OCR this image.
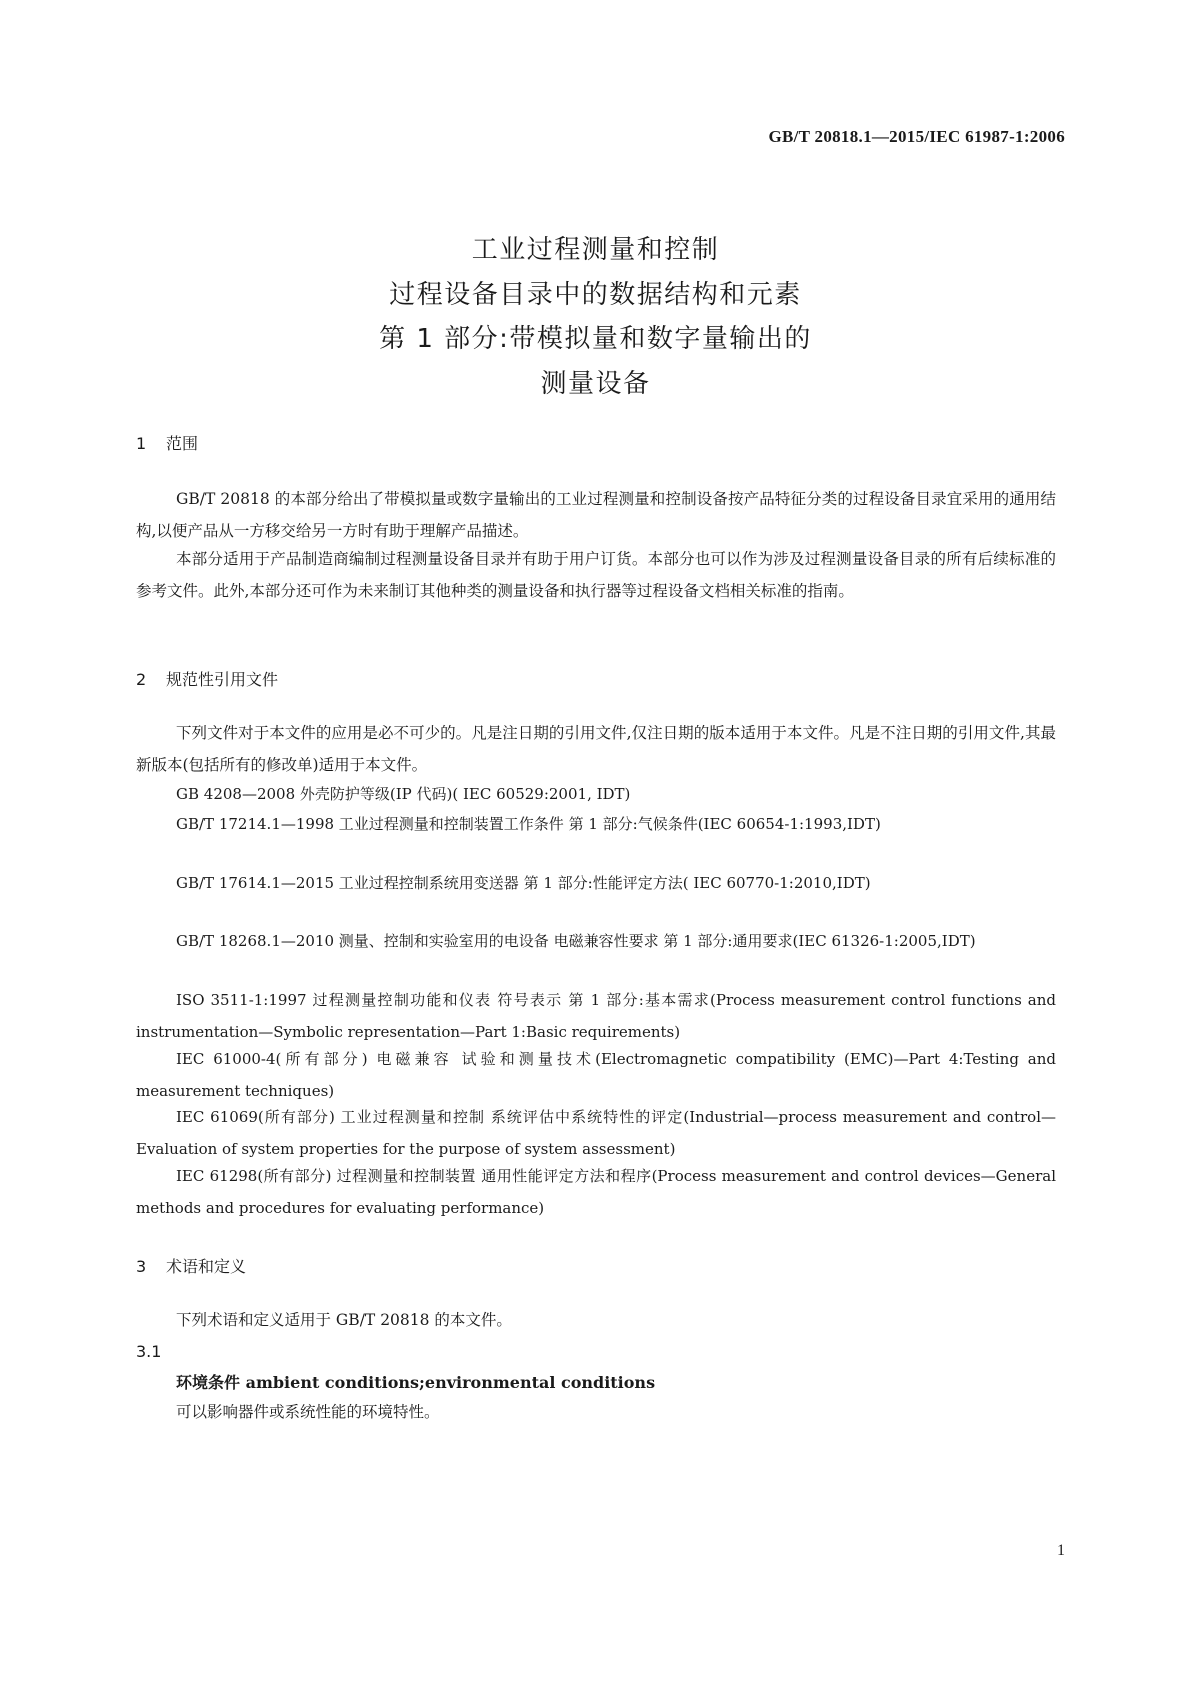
GB/T 20818.1—2015/IEC 61987-1:2006
工业过程测量和控制
过程设备目录中的数据结构和元素
第 1 部分:带模拟量和数字量输出的
测量设备
1 范围

GB/T 20818 的本部分给出了带模拟量或数字量输出的工业过程测量和控制设备按产品特征分类的过程设备目录宜采用的通用结构,以便产品从一方移交给另一方时有助于理解产品描述。

本部分适用于产品制造商编制过程测量设备目录并有助于用户订货。本部分也可以作为涉及过程测量设备目录的所有后续标准的参考文件。此外,本部分还可作为未来制订其他种类的测量设备和执行器等过程设备文档相关标准的指南。

2 规范性引用文件

下列文件对于本文件的应用是必不可少的。凡是注日期的引用文件,仅注日期的版本适用于本文件。凡是不注日期的引用文件,其最新版本(包括所有的修改单)适用于本文件。

GB 4208—2008 外壳防护等级(IP 代码)( IEC 60529:2001, IDT)

GB/T 17214.1—1998 工业过程测量和控制装置工作条件 第 1 部分:气候条件(IEC 60654-1:1993,IDT)

GB/T 17614.1—2015 工业过程控制系统用变送器 第 1 部分:性能评定方法( IEC 60770-1:2010,IDT)

GB/T 18268.1—2010 测量、控制和实验室用的电设备 电磁兼容性要求 第 1 部分:通用要求(IEC 61326-1:2005,IDT)

ISO 3511-1:1997 过程测量控制功能和仪表 符号表示 第 1 部分:基本需求(Process measurement control functions and instrumentation—Symbolic representation—Part 1:Basic requirements)

IEC 61000-4(所有部分) 电磁兼容 试验和测量技术(Electromagnetic compatibility (EMC)—Part 4:Testing and measurement techniques)

IEC 61069(所有部分) 工业过程测量和控制 系统评估中系统特性的评定(Industrial—process measurement and control—Evaluation of system properties for the purpose of system assessment)

IEC 61298(所有部分) 过程测量和控制装置 通用性能评定方法和程序(Process measurement and control devices—General methods and procedures for evaluating performance)

3 术语和定义

下列术语和定义适用于 GB/T 20818 的本文件。

3.1
环境条件 ambient conditions;environmental conditions
可以影响器件或系统性能的环境特性。
1
